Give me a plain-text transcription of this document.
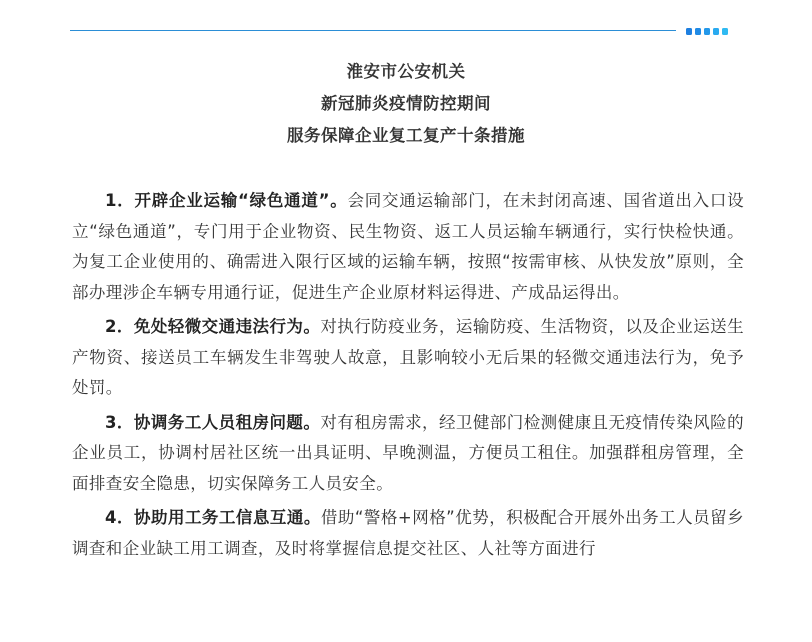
淮安市公安机关
新冠肺炎疫情防控期间
服务保障企业复工复产十条措施

1．开辟企业运输“绿色通道”。会同交通运输部门，在未封闭高速、国省道出入口设立“绿色通道”，专门用于企业物资、民生物资、返工人员运输车辆通行，实行快检快通。为复工企业使用的、确需进入限行区域的运输车辆，按照“按需审核、从快发放”原则，全部办理涉企车辆专用通行证，促进生产企业原材料运得进、产成品运得出。

2．免处轻微交通违法行为。对执行防疫业务，运输防疫、生活物资，以及企业运送生产物资、接送员工车辆发生非驾驶人故意，且影响较小无后果的轻微交通违法行为，免予处罚。

3．协调务工人员租房问题。对有租房需求，经卫健部门检测健康且无疫情传染风险的企业员工，协调村居社区统一出具证明、早晚测温，方便员工租住。加强群租房管理，全面排查安全隐患，切实保障务工人员安全。

4．协助用工务工信息互通。借助“警格+网格”优势，积极配合开展外出务工人员留乡调查和企业缺工用工调查，及时将掌握信息提交社区、人社等方面进行
